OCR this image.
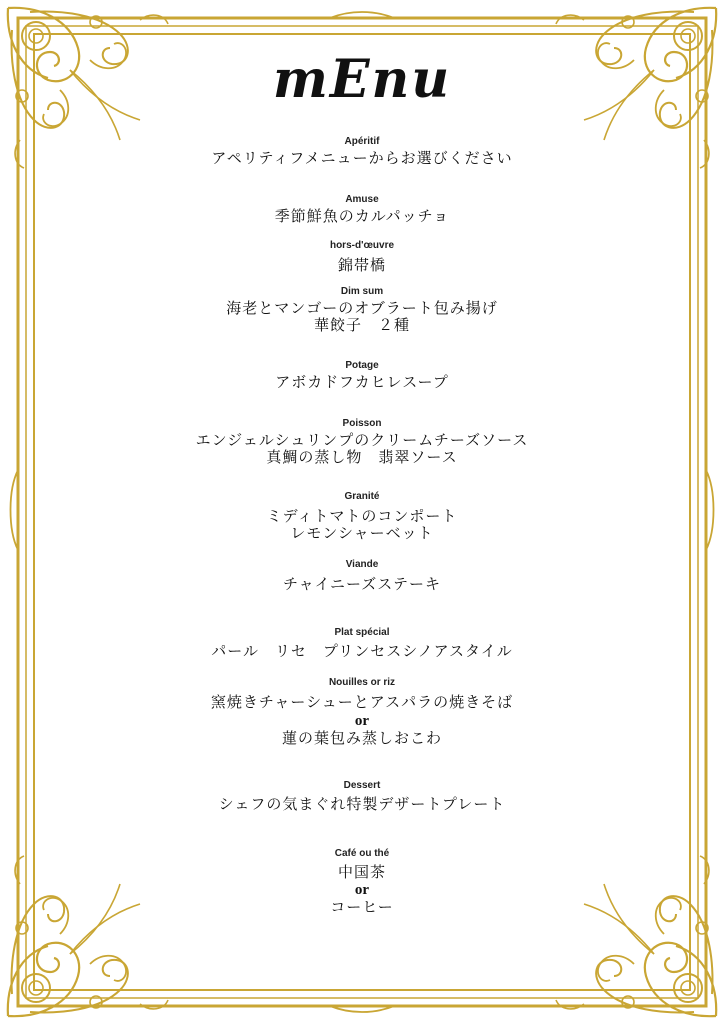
mEnu

Apéritif

アペリティフメニューからお選びください

Amuse

季節鮮魚のカルパッチョ

hors-d'œuvre

錦帯橋

Dim sum

海老とマンゴーのオブラート包み揚げ

華餃子　２種

Potage

アボカドフカヒレスープ

Poisson

エンジェルシュリンプのクリームチーズソース

真鯛の蒸し物　翡翠ソース

Granité

ミディトマトのコンポート

レモンシャーベット

Viande

チャイニーズステーキ

Plat spécial

パール　リセ　プリンセスシノアスタイル

Nouilles or riz

窯焼きチャーシューとアスパラの焼きそば

or

蓮の葉包み蒸しおこわ

Dessert

シェフの気まぐれ特製デザートプレート

Café ou thé

中国茶

or

コーヒー
